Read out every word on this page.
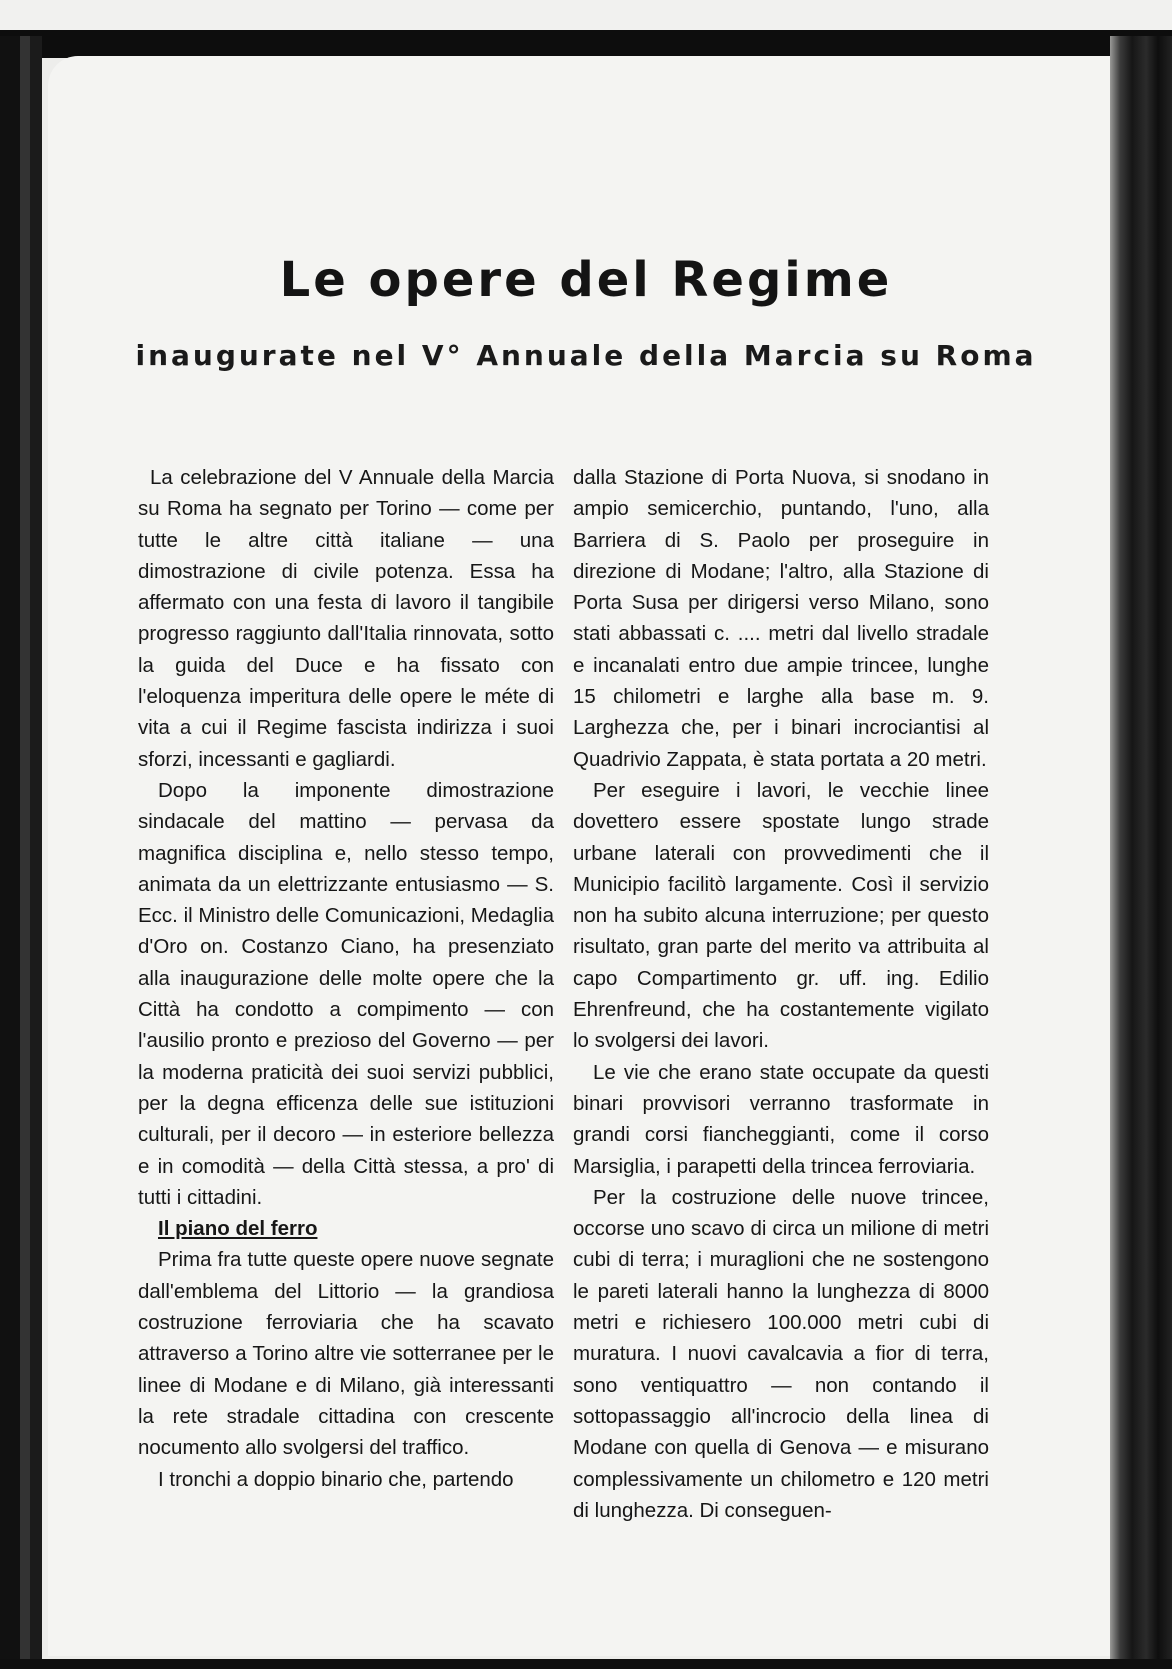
Le opere del Regime
inaugurate nel V° Annuale della Marcia su Roma

La celebrazione del V Annuale della Marcia su Roma ha segnato per Torino — come per tutte le altre città italiane — una dimostrazione di civile potenza. Essa ha affermato con una festa di lavoro il tangibile progresso raggiunto dall'Italia rinnovata, sotto la guida del Duce e ha fissato con l'eloquenza imperitura delle opere le méte di vita a cui il Regime fascista indirizza i suoi sforzi, incessanti e gagliardi.

Dopo la imponente dimostrazione sindacale del mattino — pervasa da magnifica disciplina e, nello stesso tempo, animata da un elettrizzante entusiasmo — S. Ecc. il Ministro delle Comunicazioni, Medaglia d'Oro on. Costanzo Ciano, ha presenziato alla inaugurazione delle molte opere che la Città ha condotto a compimento — con l'ausilio pronto e prezioso del Governo — per la moderna praticità dei suoi servizi pubblici, per la degna efficenza delle sue istituzioni culturali, per il decoro — in esteriore bellezza e in comodità — della Città stessa, a pro' di tutti i cittadini.

Il piano del ferro

Prima fra tutte queste opere nuove segnate dall'emblema del Littorio — la grandiosa costruzione ferroviaria che ha scavato attraverso a Torino altre vie sotterranee per le linee di Modane e di Milano, già interessanti la rete stradale cittadina con crescente nocumento allo svolgersi del traffico.

I tronchi a doppio binario che, partendo

dalla Stazione di Porta Nuova, si snodano in ampio semicerchio, puntando, l'uno, alla Barriera di S. Paolo per proseguire in direzione di Modane; l'altro, alla Stazione di Porta Susa per dirigersi verso Milano, sono stati abbassati c. .... metri dal livello stradale e incanalati entro due ampie trincee, lunghe 15 chilometri e larghe alla base m. 9. Larghezza che, per i binari incrociantisi al Quadrivio Zappata, è stata portata a 20 metri.

Per eseguire i lavori, le vecchie linee dovettero essere spostate lungo strade urbane laterali con provvedimenti che il Municipio facilitò largamente. Così il servizio non ha subito alcuna interruzione; per questo risultato, gran parte del merito va attribuita al capo Compartimento gr. uff. ing. Edilio Ehrenfreund, che ha costantemente vigilato lo svolgersi dei lavori.

Le vie che erano state occupate da questi binari provvisori verranno trasformate in grandi corsi fiancheggianti, come il corso Marsiglia, i parapetti della trincea ferroviaria.

Per la costruzione delle nuove trincee, occorse uno scavo di circa un milione di metri cubi di terra; i muraglioni che ne sostengono le pareti laterali hanno la lunghezza di 8000 metri e richiesero 100.000 metri cubi di muratura. I nuovi cavalcavia a fior di terra, sono ventiquattro — non contando il sottopassaggio all'incrocio della linea di Modane con quella di Genova — e misurano complessivamente un chilometro e 120 metri di lunghezza. Di conseguen-
